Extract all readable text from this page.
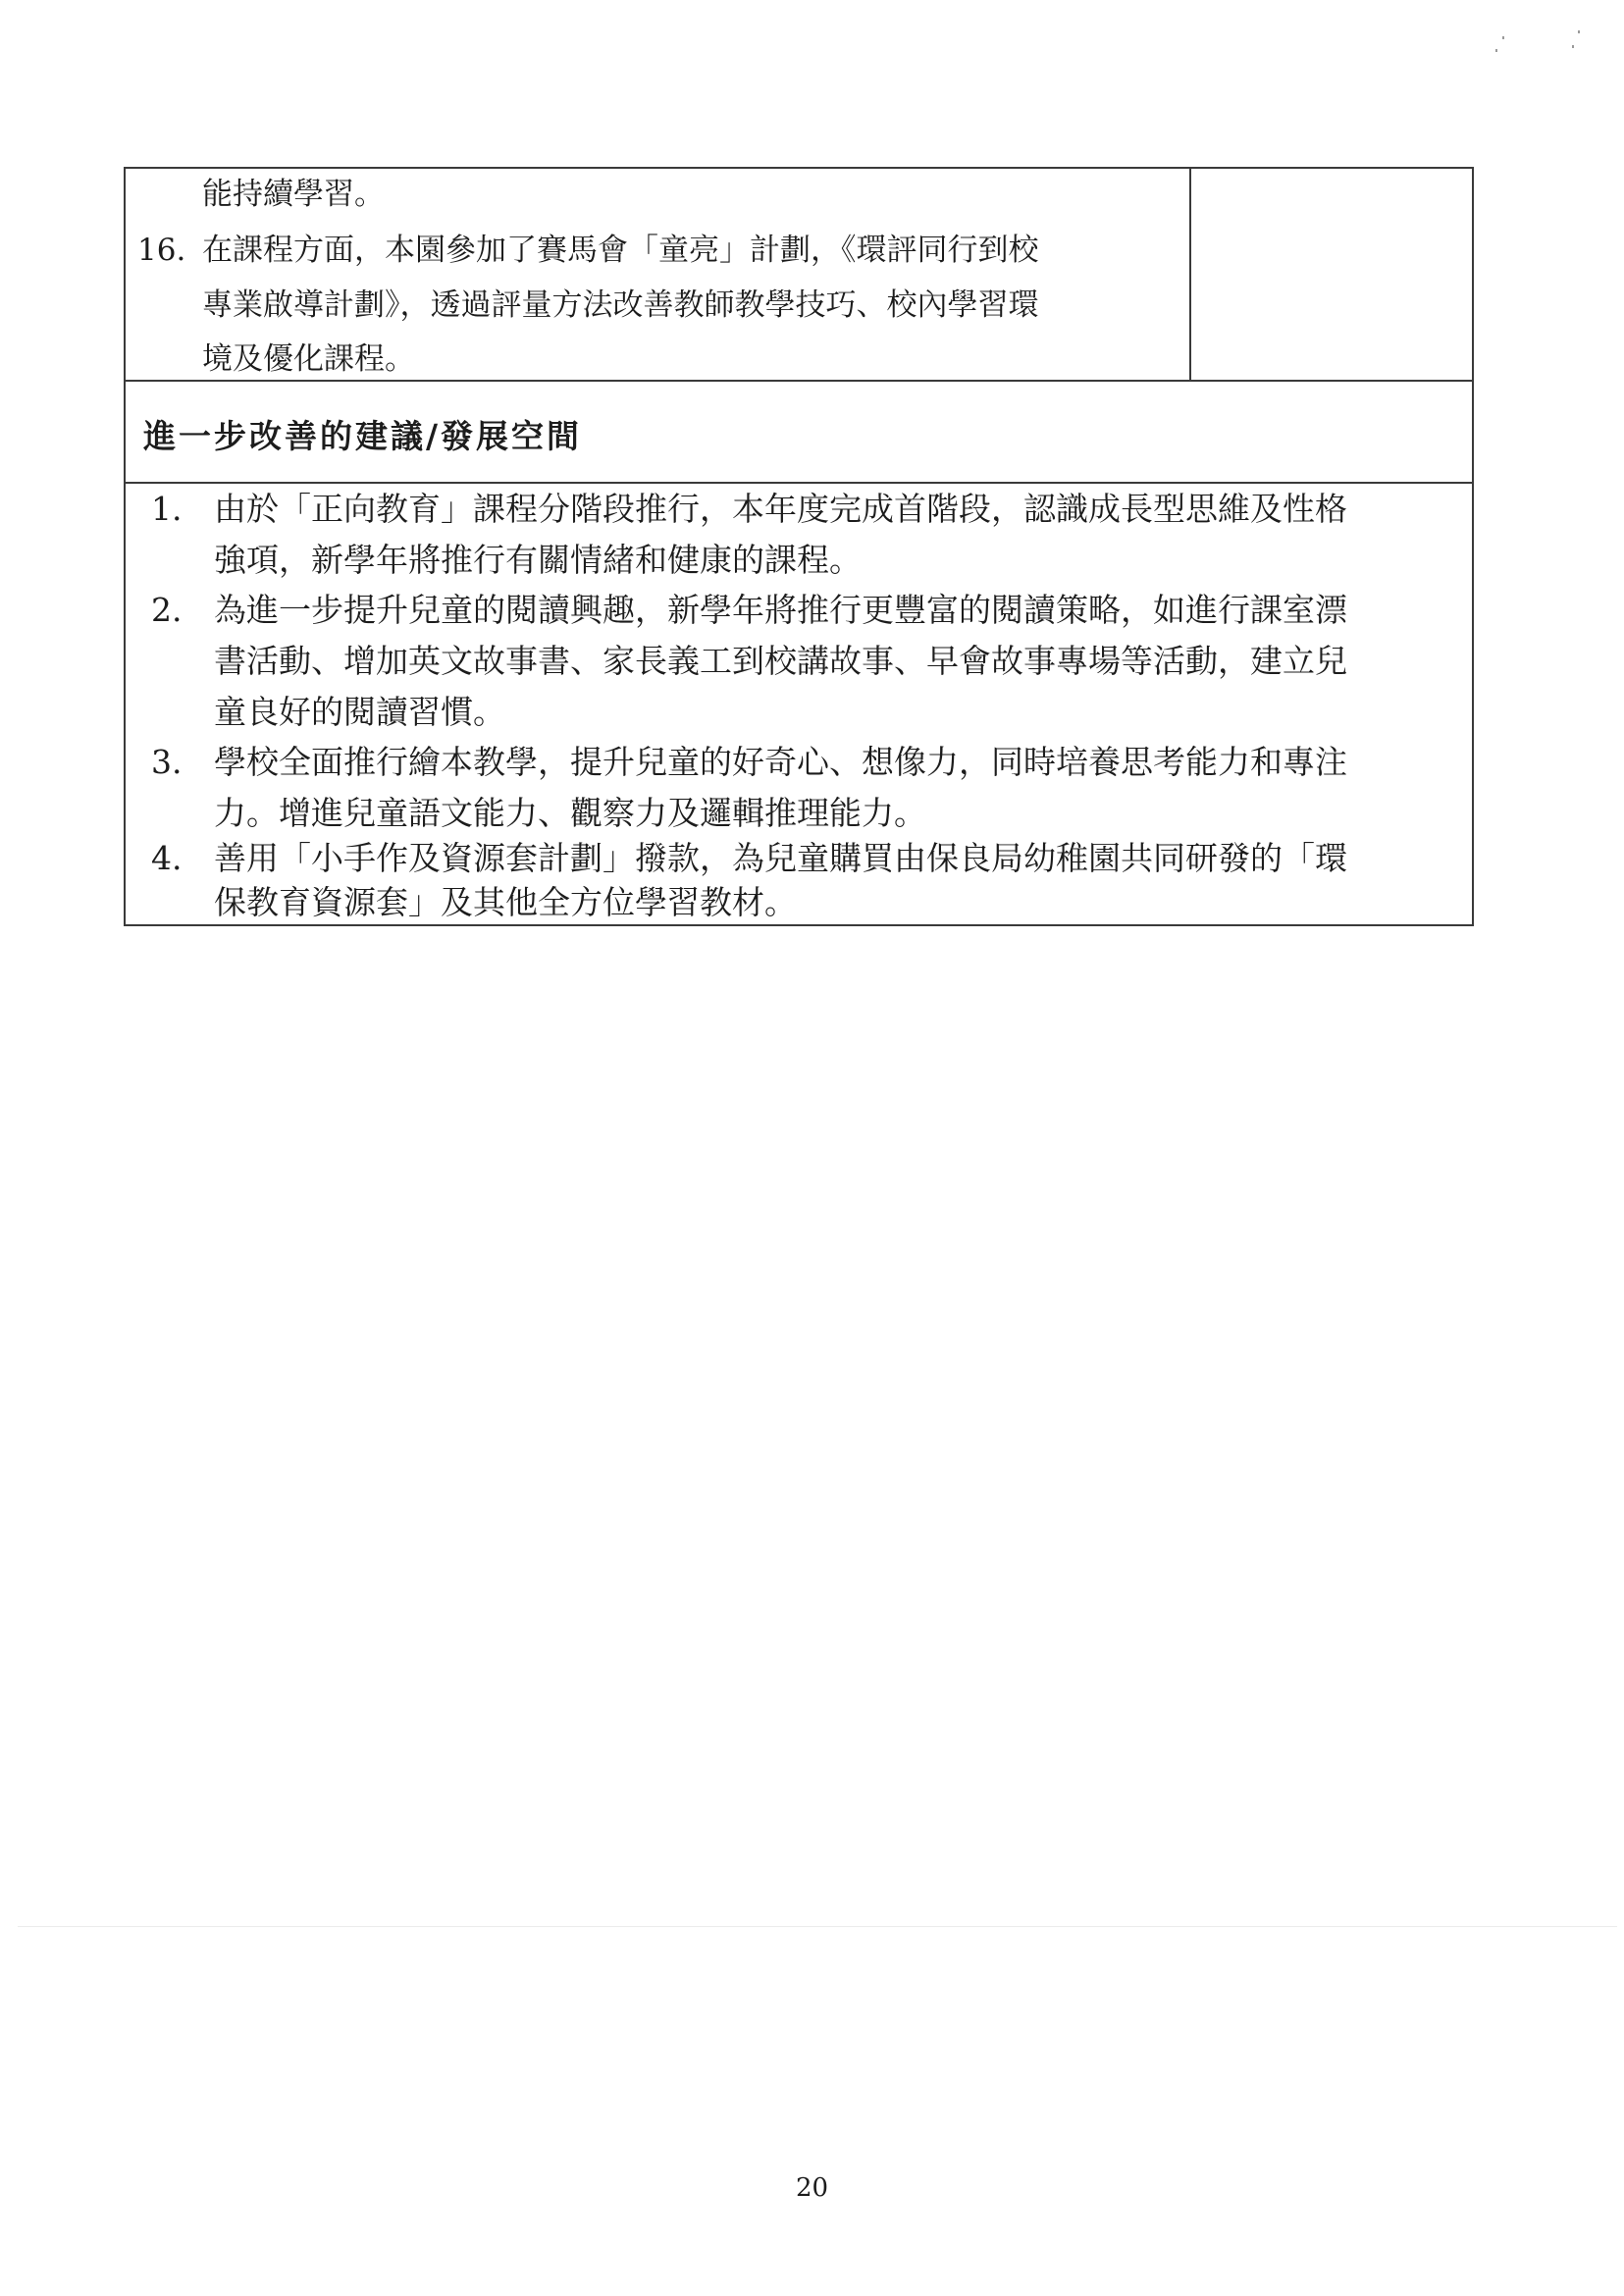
能持續學習。
16. 在課程方面，本園參加了賽馬會「童亮」計劃，《環評同行到校
專業啟導計劃》，透過評量方法改善教師教學技巧、校內學習環
境及優化課程。
進一步改善的建議/發展空間
1. 由於「正向教育」課程分階段推行，本年度完成首階段，認識成長型思維及性格
強項，新學年將推行有關情緒和健康的課程。
2. 為進一步提升兒童的閱讀興趣，新學年將推行更豐富的閱讀策略，如進行課室漂
書活動、增加英文故事書、家長義工到校講故事、早會故事專場等活動，建立兒
童良好的閱讀習慣。
3. 學校全面推行繪本教學，提升兒童的好奇心、想像力，同時培養思考能力和專注
力。增進兒童語文能力、觀察力及邏輯推理能力。
4. 善用「小手作及資源套計劃」撥款，為兒童購買由保良局幼稚園共同研發的「環
保教育資源套」及其他全方位學習教材。
20
